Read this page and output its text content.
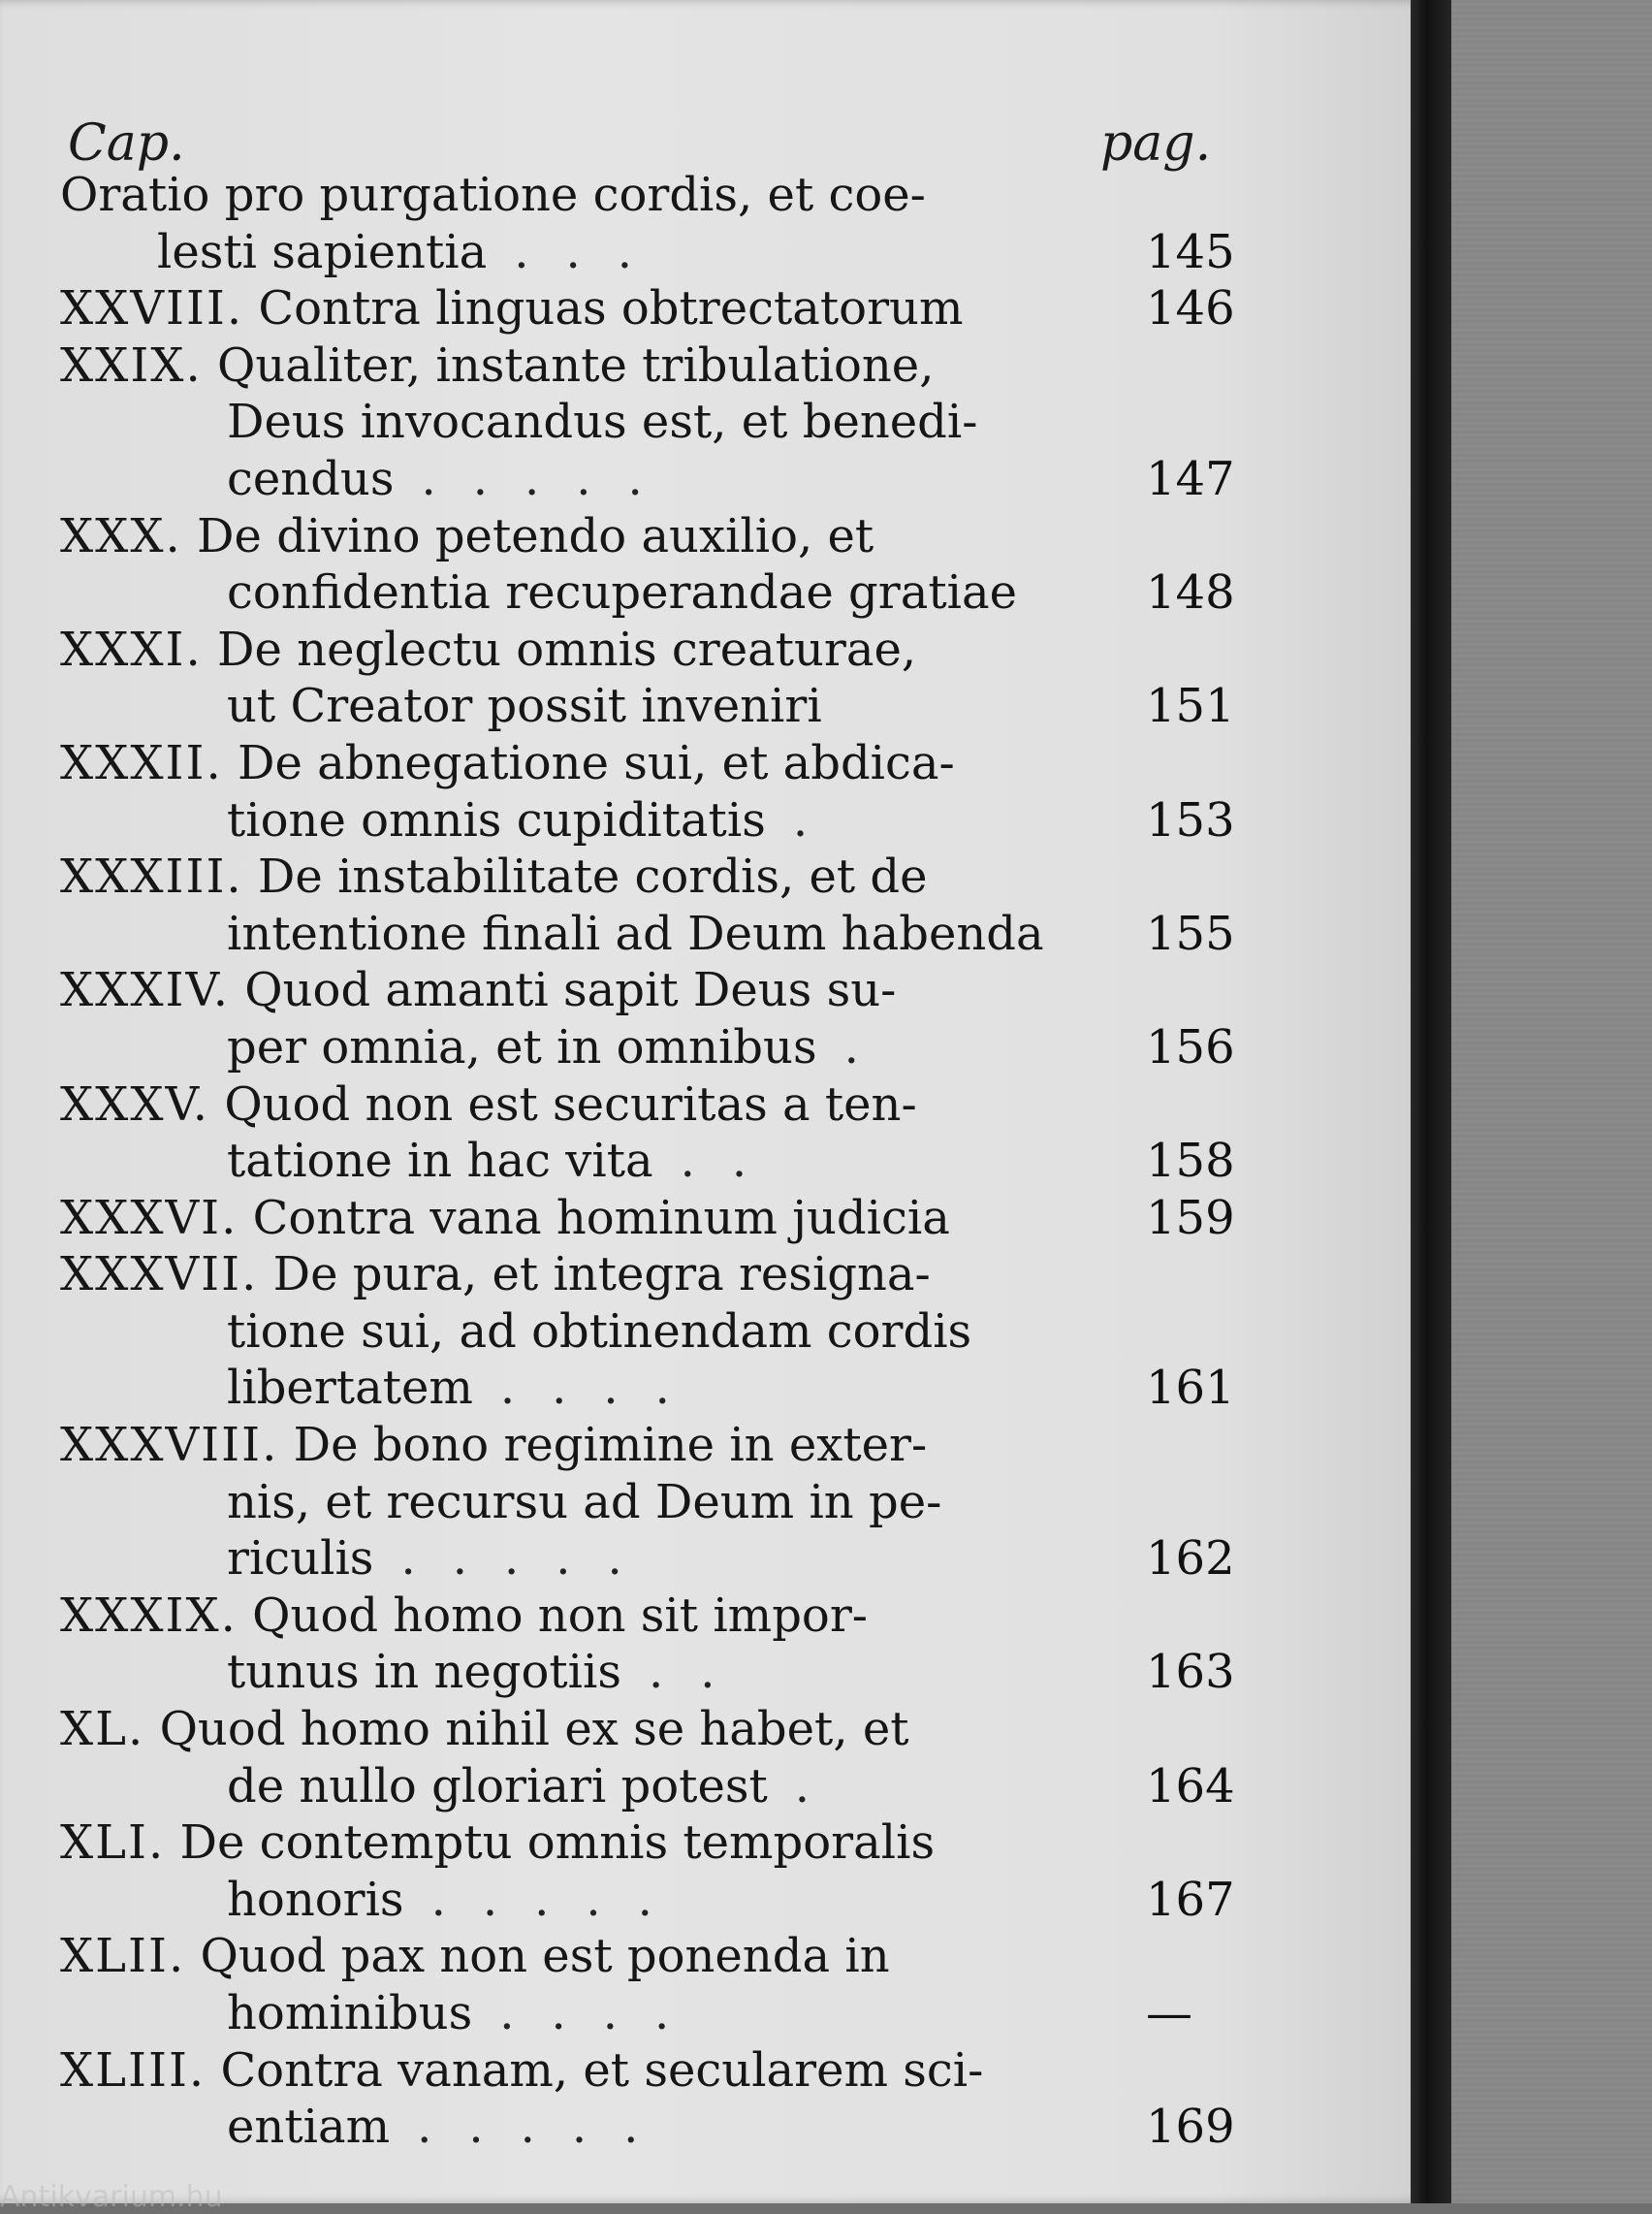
Cap.	pag.
Oratio pro purgatione cordis, et coe-
lesti sapientia ...	145
XXVIII. Contra linguas obtrectatorum	146
XXIX. Qualiter, instante tribulatione,
Deus invocandus est, et benedi-
cendus .....	147
XXX. De divino petendo auxilio, et
confidentia recuperandae gratiae	148
XXXI. De neglectu omnis creaturae,
ut Creator possit inveniri	151
XXXII. De abnegatione sui, et abdica-
tione omnis cupiditatis .	153
XXXIII. De instabilitate cordis, et de
intentione finali ad Deum habenda 155
XXXIV. Quod amanti sapit Deus su-
per omnia, et in omnibus .	156
XXXV. Quod non est securitas a ten-
tatione in hac vita ..	158
XXXVI. Contra vana hominum judicia	159
XXXVII. De pura, et integra resigna-
tione sui, ad obtinendam cordis
libertatem ....	161
XXXVIII. De bono regimine in exter-
nis, et recursu ad Deum in pe-
riculis .....	162
XXXIX. Quod homo non sit impor-
tunus in negotiis ..	163
XL. Quod homo nihil ex se habet, et
de nullo gloriari potest .	164
XLI. De contemptu omnis temporalis
honoris .....	167
XLII. Quod pax non est ponenda in
hominibus ....	—
XLIII. Contra vanam, et secularem sci-
entiam .....	169
Antikvarium.hu
